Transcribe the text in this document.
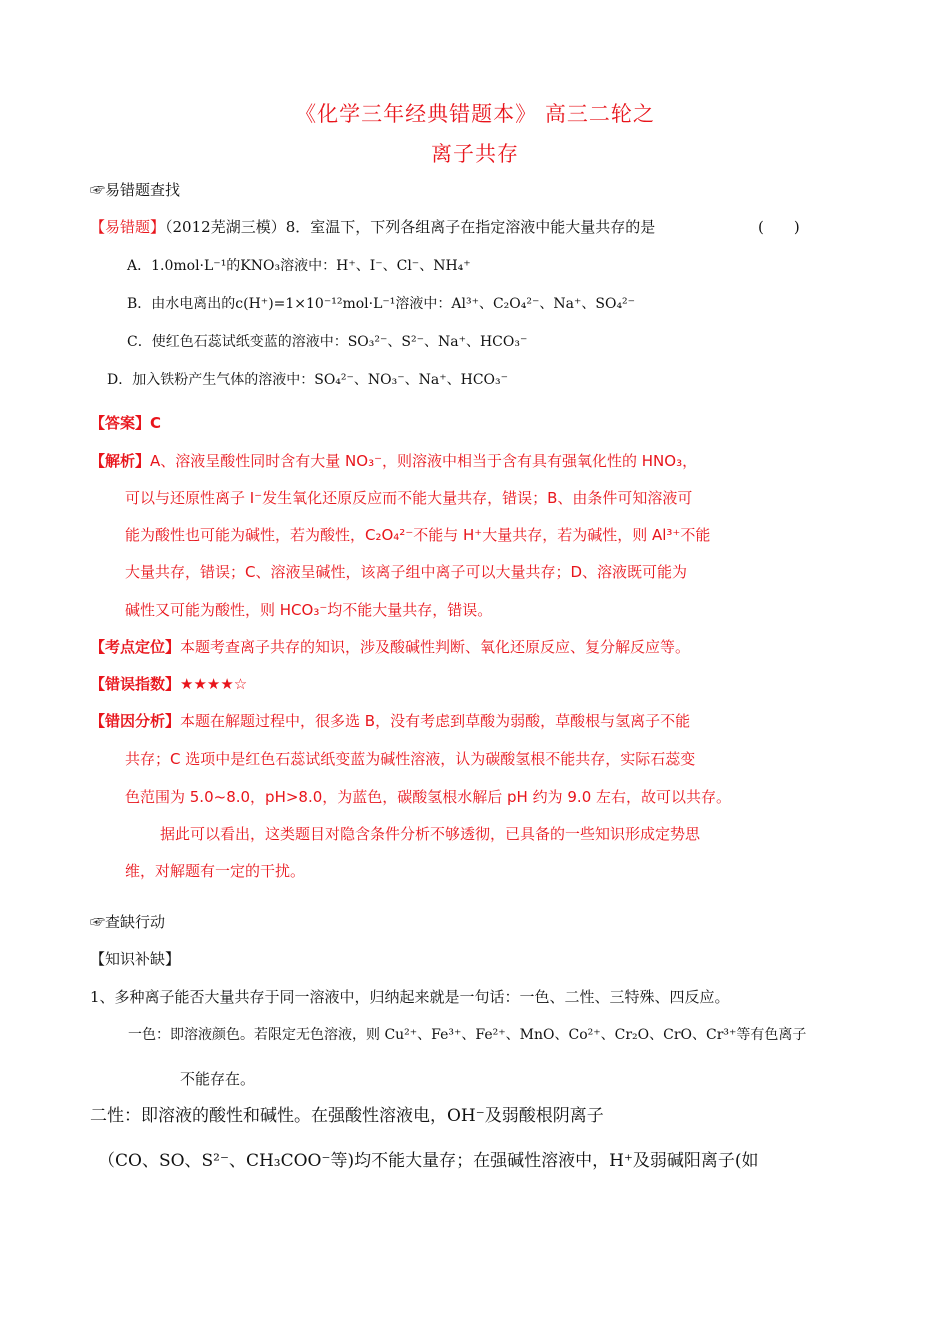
《化学三年经典错题本》 高三二轮之
离子共存
☞易错题查找
【易错题】（2012芜湖三模）8．室温下，下列各组离子在指定溶液中能大量共存的是	(　　)
A．1.0mol·L⁻¹的KNO₃溶液中：H⁺、I⁻、Cl⁻、NH₄⁺
B．由水电离出的c(H⁺)=1×10⁻¹²mol·L⁻¹溶液中：Al³⁺、C₂O₄²⁻、Na⁺、SO₄²⁻
C．使红色石蕊试纸变蓝的溶液中：SO₃²⁻、S²⁻、Na⁺、HCO₃⁻
D．加入铁粉产生气体的溶液中：SO₄²⁻、NO₃⁻、Na⁺、HCO₃⁻
【答案】C
【解析】A、溶液呈酸性同时含有大量 NO₃⁻，则溶液中相当于含有具有强氧化性的 HNO₃，
可以与还原性离子 I⁻发生氧化还原反应而不能大量共存，错误；B、由条件可知溶液可
能为酸性也可能为碱性，若为酸性，C₂O₄²⁻不能与 H⁺大量共存，若为碱性，则 Al³⁺不能
大量共存，错误；C、溶液呈碱性，该离子组中离子可以大量共存；D、溶液既可能为
碱性又可能为酸性，则 HCO₃⁻均不能大量共存，错误。
【考点定位】本题考查离子共存的知识，涉及酸碱性判断、氧化还原反应、复分解反应等。
【错误指数】★★★★☆
【错因分析】本题在解题过程中，很多选 B，没有考虑到草酸为弱酸，草酸根与氢离子不能
共存；C 选项中是红色石蕊试纸变蓝为碱性溶液，认为碳酸氢根不能共存，实际石蕊变
色范围为 5.0~8.0，pH>8.0，为蓝色，碳酸氢根水解后 pH 约为 9.0 左右，故可以共存。
据此可以看出，这类题目对隐含条件分析不够透彻，已具备的一些知识形成定势思
维，对解题有一定的干扰。
☞查缺行动
【知识补缺】
1、多种离子能否大量共存于同一溶液中，归纳起来就是一句话：一色、二性、三特殊、四反应。
一色：即溶液颜色。若限定无色溶液，则 Cu²⁺、Fe³⁺、Fe²⁺、MnO、Co²⁺、Cr₂O、CrO、Cr³⁺等有色离子
不能存在。
二性：即溶液的酸性和碱性。在强酸性溶液电，OH⁻及弱酸根阴离子
（CO、SO、S²⁻、CH₃COO⁻等)均不能大量存；在强碱性溶液中，H⁺及弱碱阳离子(如
